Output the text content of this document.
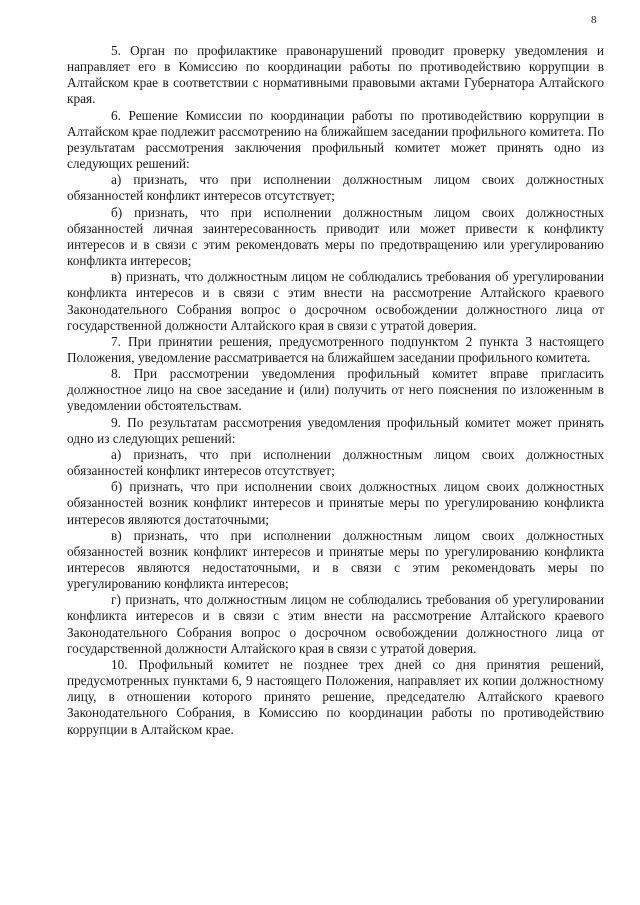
8

5. Орган по профилактике правонарушений проводит проверку уведомления и направляет его в Комиссию по координации работы по противодействию коррупции в Алтайском крае в соответствии с нормативными правовыми актами Губернатора Алтайского края.

6. Решение Комиссии по координации работы по противодействию коррупции в Алтайском крае подлежит рассмотрению на ближайшем заседании профильного комитета. По результатам рассмотрения заключения профильный комитет может принять одно из следующих решений:

а) признать, что при исполнении должностным лицом своих должностных обязанностей конфликт интересов отсутствует;

б) признать, что при исполнении должностным лицом своих должностных обязанностей личная заинтересованность приводит или может привести к конфликту интересов и в связи с этим рекомендовать меры по предотвращению или урегулированию конфликта интересов;

в) признать, что должностным лицом не соблюдались требования об урегулировании конфликта интересов и в связи с этим внести на рассмотрение Алтайского краевого Законодательного Собрания вопрос о досрочном освобождении должностного лица от государственной должности Алтайского края в связи с утратой доверия.

7. При принятии решения, предусмотренного подпунктом 2 пункта 3 настоящего Положения, уведомление рассматривается на ближайшем заседании профильного комитета.

8. При рассмотрении уведомления профильный комитет вправе пригласить должностное лицо на свое заседание и (или) получить от него пояснения по изложенным в уведомлении обстоятельствам.

9. По результатам рассмотрения уведомления профильный комитет может принять одно из следующих решений:

а) признать, что при исполнении должностным лицом своих должностных обязанностей конфликт интересов отсутствует;

б) признать, что при исполнении своих должностных лицом своих должностных обязанностей возник конфликт интересов и принятые меры по урегулированию конфликта интересов являются достаточными;

в) признать, что при исполнении должностным лицом своих должностных обязанностей возник конфликт интересов и принятые меры по урегулированию конфликта интересов являются недостаточными, и в связи с этим рекомендовать меры по урегулированию конфликта интересов;

г) признать, что должностным лицом не соблюдались требования об урегулировании конфликта интересов и в связи с этим внести на рассмотрение Алтайского краевого Законодательного Собрания вопрос о досрочном освобождении должностного лица от государственной должности Алтайского края в связи с утратой доверия.

10. Профильный комитет не позднее трех дней со дня принятия решений, предусмотренных пунктами 6, 9 настоящего Положения, направляет их копии должностному лицу, в отношении которого принято решение, председателю Алтайского краевого Законодательного Собрания, в Комиссию по координации работы по противодействию коррупции в Алтайском крае.
